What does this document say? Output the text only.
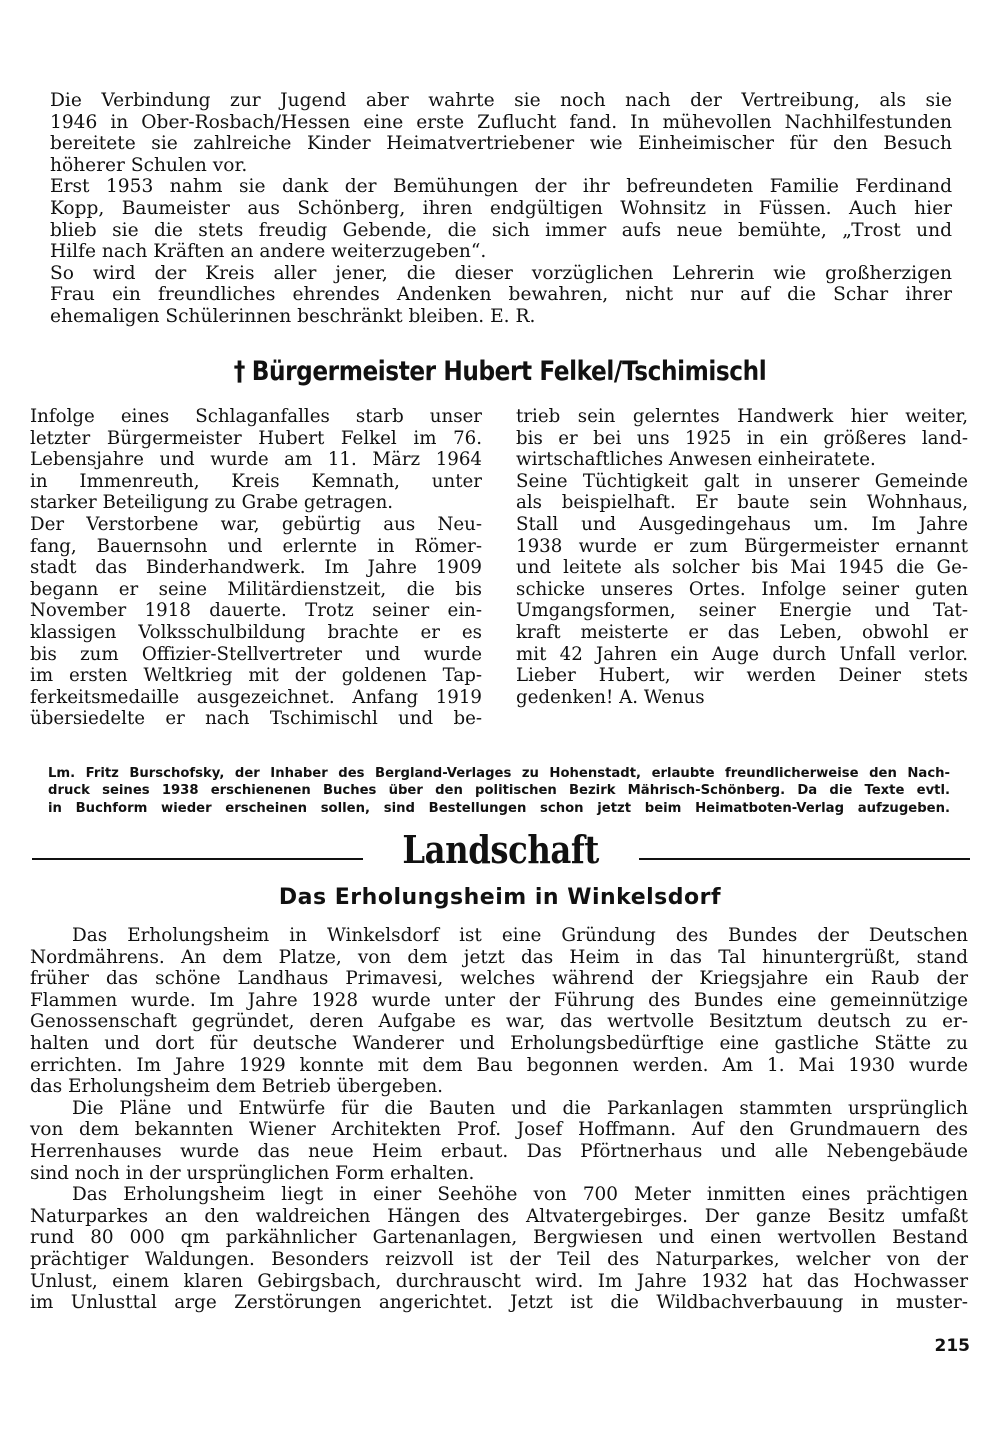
Die Verbindung zur Jugend aber wahrte sie noch nach der Vertreibung, als sie
1946 in Ober-Rosbach/Hessen eine erste Zuflucht fand. In mühevollen Nachhilfestunden
bereitete sie zahlreiche Kinder Heimatvertriebener wie Einheimischer für den Besuch
höherer Schulen vor.
Erst 1953 nahm sie dank der Bemühungen der ihr befreundeten Familie Ferdinand
Kopp, Baumeister aus Schönberg, ihren endgültigen Wohnsitz in Füssen. Auch hier
blieb sie die stets freudig Gebende, die sich immer aufs neue bemühte, „Trost und
Hilfe nach Kräften an andere weiterzugeben“.
So wird der Kreis aller jener, die dieser vorzüglichen Lehrerin wie großherzigen
Frau ein freundliches ehrendes Andenken bewahren, nicht nur auf die Schar ihrer
ehemaligen Schülerinnen beschränkt bleiben. E. R.
† Bürgermeister Hubert Felkel/Tschimischl
Infolge eines Schlaganfalles starb unser
letzter Bürgermeister Hubert Felkel im 76.
Lebensjahre und wurde am 11. März 1964
in Immenreuth, Kreis Kemnath, unter
starker Beteiligung zu Grabe getragen.
Der Verstorbene war, gebürtig aus Neu-
fang, Bauernsohn und erlernte in Römer-
stadt das Binderhandwerk. Im Jahre 1909
begann er seine Militärdienstzeit, die bis
November 1918 dauerte. Trotz seiner ein-
klassigen Volksschulbildung brachte er es
bis zum Offizier-Stellvertreter und wurde
im ersten Weltkrieg mit der goldenen Tap-
ferkeitsmedaille ausgezeichnet. Anfang 1919
übersiedelte er nach Tschimischl und be-
trieb sein gelerntes Handwerk hier weiter,
bis er bei uns 1925 in ein größeres land-
wirtschaftliches Anwesen einheiratete.
Seine Tüchtigkeit galt in unserer Gemeinde
als beispielhaft. Er baute sein Wohnhaus,
Stall und Ausgedingehaus um. Im Jahre
1938 wurde er zum Bürgermeister ernannt
und leitete als solcher bis Mai 1945 die Ge-
schicke unseres Ortes. Infolge seiner guten
Umgangsformen, seiner Energie und Tat-
kraft meisterte er das Leben, obwohl er
mit 42 Jahren ein Auge durch Unfall verlor.
Lieber Hubert, wir werden Deiner stets
gedenken! A. Wenus
Lm. Fritz Burschofsky, der Inhaber des Bergland-Verlages zu Hohenstadt, erlaubte freundlicherweise den Nach-
druck seines 1938 erschienenen Buches über den politischen Bezirk Mährisch-Schönberg. Da die Texte evtl.
in Buchform wieder erscheinen sollen, sind Bestellungen schon jetzt beim Heimatboten-Verlag aufzugeben.
Landschaft
Das Erholungsheim in Winkelsdorf
Das Erholungsheim in Winkelsdorf ist eine Gründung des Bundes der Deutschen
Nordmährens. An dem Platze, von dem jetzt das Heim in das Tal hinuntergrüßt, stand
früher das schöne Landhaus Primavesi, welches während der Kriegsjahre ein Raub der
Flammen wurde. Im Jahre 1928 wurde unter der Führung des Bundes eine gemeinnützige
Genossenschaft gegründet, deren Aufgabe es war, das wertvolle Besitztum deutsch zu er-
halten und dort für deutsche Wanderer und Erholungsbedürftige eine gastliche Stätte zu
errichten. Im Jahre 1929 konnte mit dem Bau begonnen werden. Am 1. Mai 1930 wurde
das Erholungsheim dem Betrieb übergeben.
Die Pläne und Entwürfe für die Bauten und die Parkanlagen stammten ursprünglich
von dem bekannten Wiener Architekten Prof. Josef Hoffmann. Auf den Grundmauern des
Herrenhauses wurde das neue Heim erbaut. Das Pförtnerhaus und alle Nebengebäude
sind noch in der ursprünglichen Form erhalten.
Das Erholungsheim liegt in einer Seehöhe von 700 Meter inmitten eines prächtigen
Naturparkes an den waldreichen Hängen des Altvatergebirges. Der ganze Besitz umfaßt
rund 80 000 qm parkähnlicher Gartenanlagen, Bergwiesen und einen wertvollen Bestand
prächtiger Waldungen. Besonders reizvoll ist der Teil des Naturparkes, welcher von der
Unlust, einem klaren Gebirgsbach, durchrauscht wird. Im Jahre 1932 hat das Hochwasser
im Unlusttal arge Zerstörungen angerichtet. Jetzt ist die Wildbachverbauung in muster-
215
